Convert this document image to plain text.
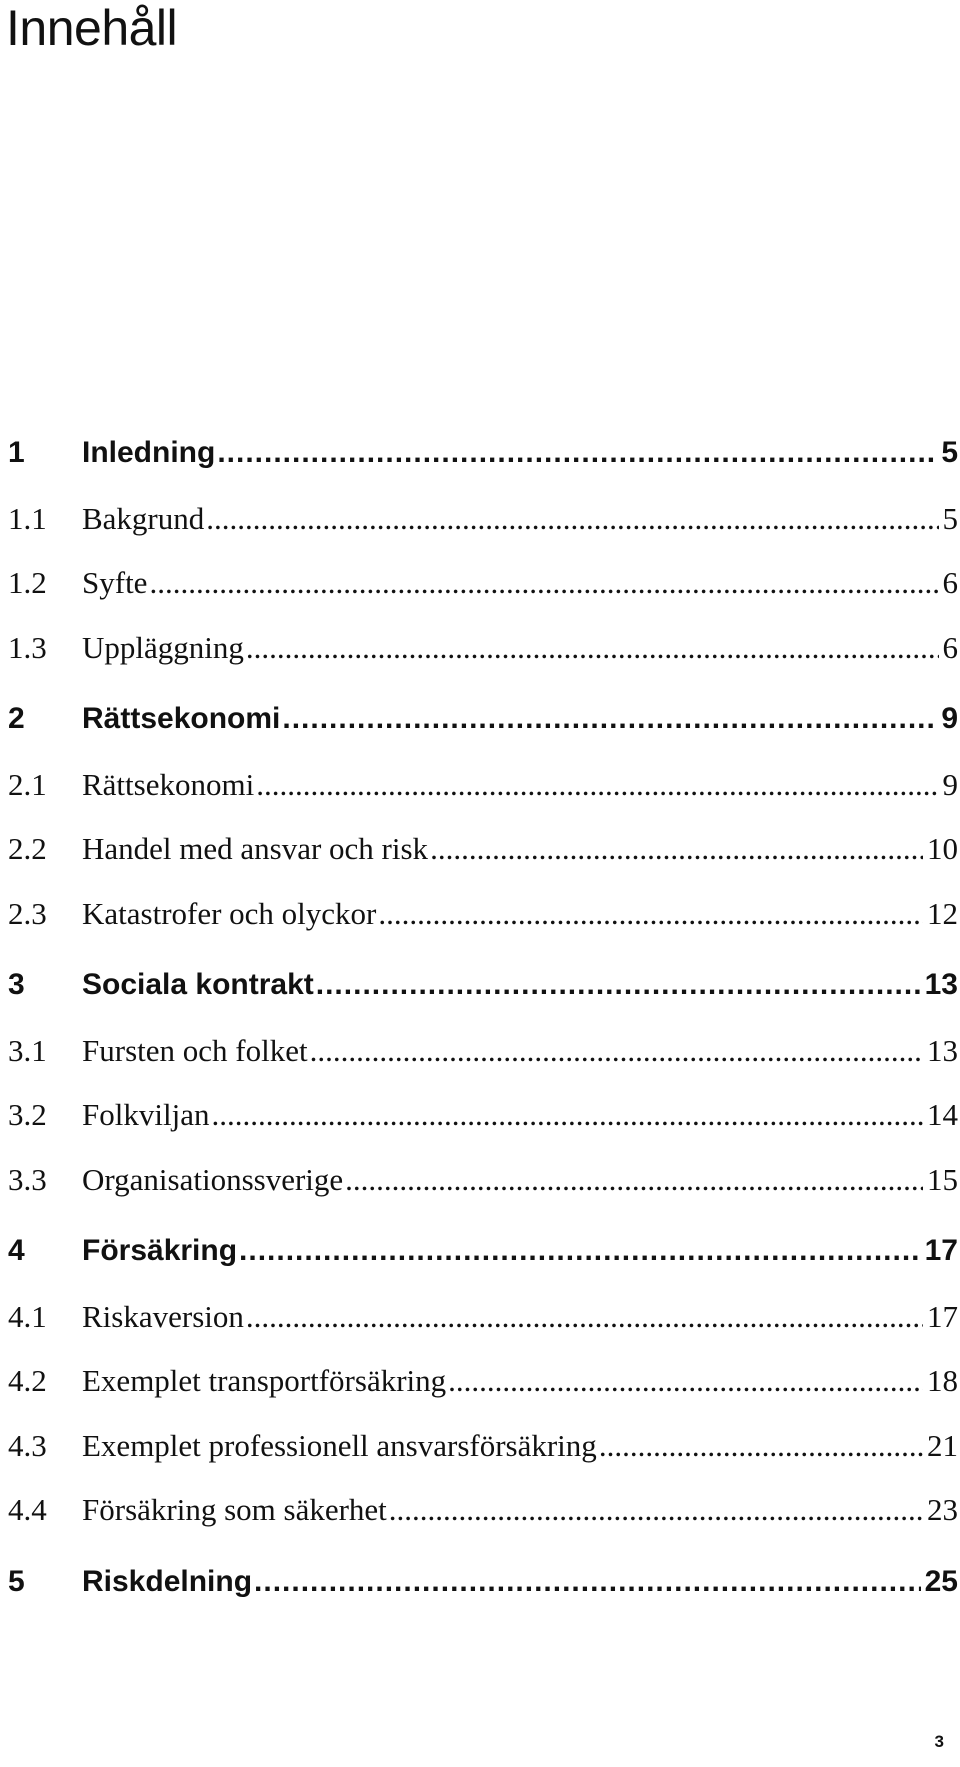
Innehåll
1	Inledning .....	5
1.1	Bakgrund .....	5
1.2	Syfte .....	6
1.3	Uppläggning .....	6
2	Rättsekonomi .....	9
2.1	Rättsekonomi .....	9
2.2	Handel med ansvar och risk .....	10
2.3	Katastrofer och olyckor .....	12
3	Sociala kontrakt .....	13
3.1	Fursten och folket .....	13
3.2	Folkviljan .....	14
3.3	Organisationssverige .....	15
4	Försäkring .....	17
4.1	Riskaversion .....	17
4.2	Exemplet transportförsäkring .....	18
4.3	Exemplet professionell ansvarsförsäkring .....	21
4.4	Försäkring som säkerhet .....	23
5	Riskdelning .....	25
3
